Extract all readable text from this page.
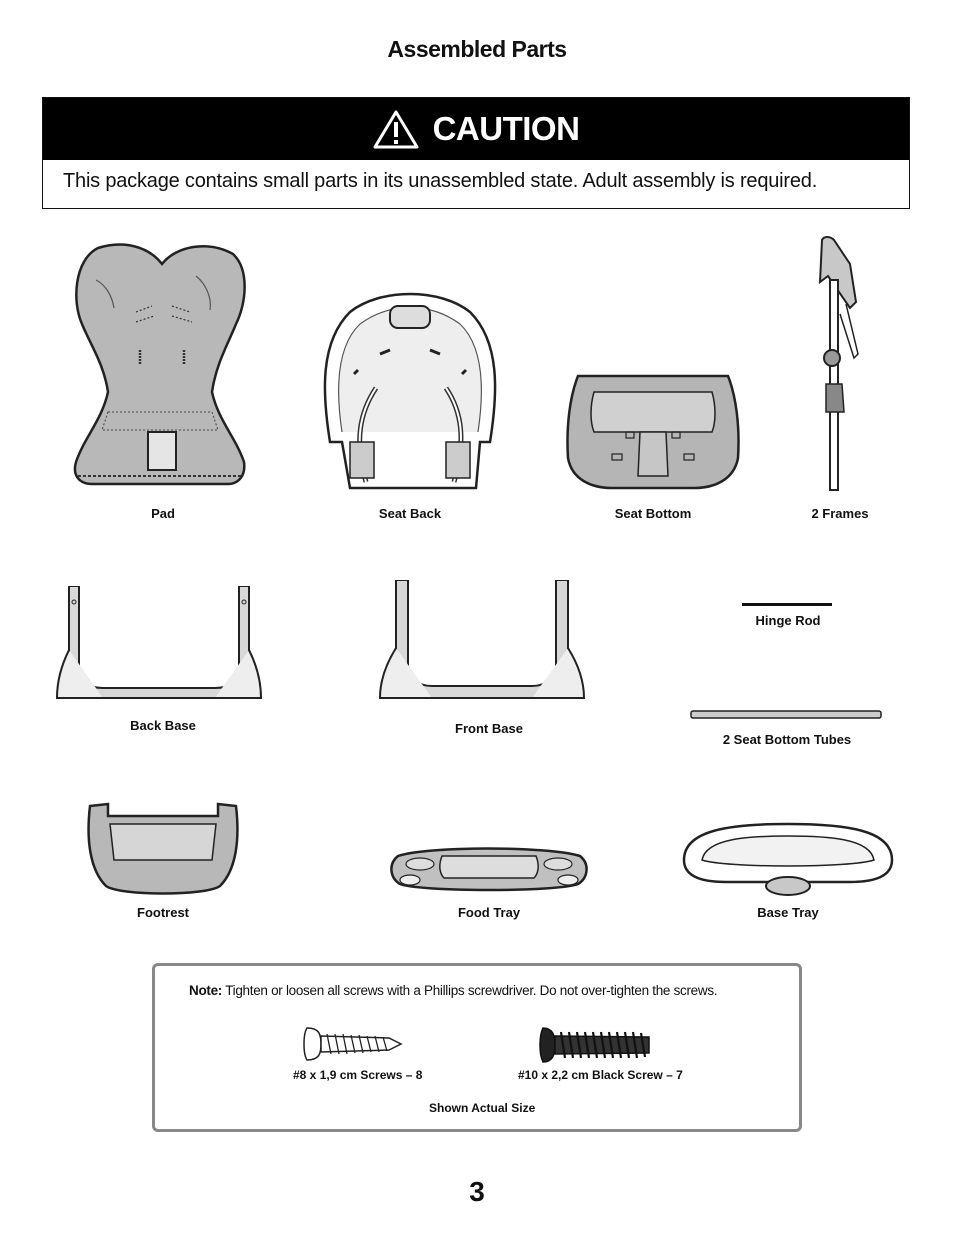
Assembled Parts
CAUTION
This package contains small parts in its unassembled state. Adult assembly is required.
Pad	Seat Back	Seat Bottom	2 Frames
Back Base	Front Base
Hinge Rod
2 Seat Bottom Tubes
Footrest	Food Tray	Base Tray
Note: Tighten or loosen all screws with a Phillips screwdriver. Do not over-tighten the screws.
#8 x 1,9 cm Screws – 8	#10 x 2,2 cm Black Screw – 7
Shown Actual Size
3
